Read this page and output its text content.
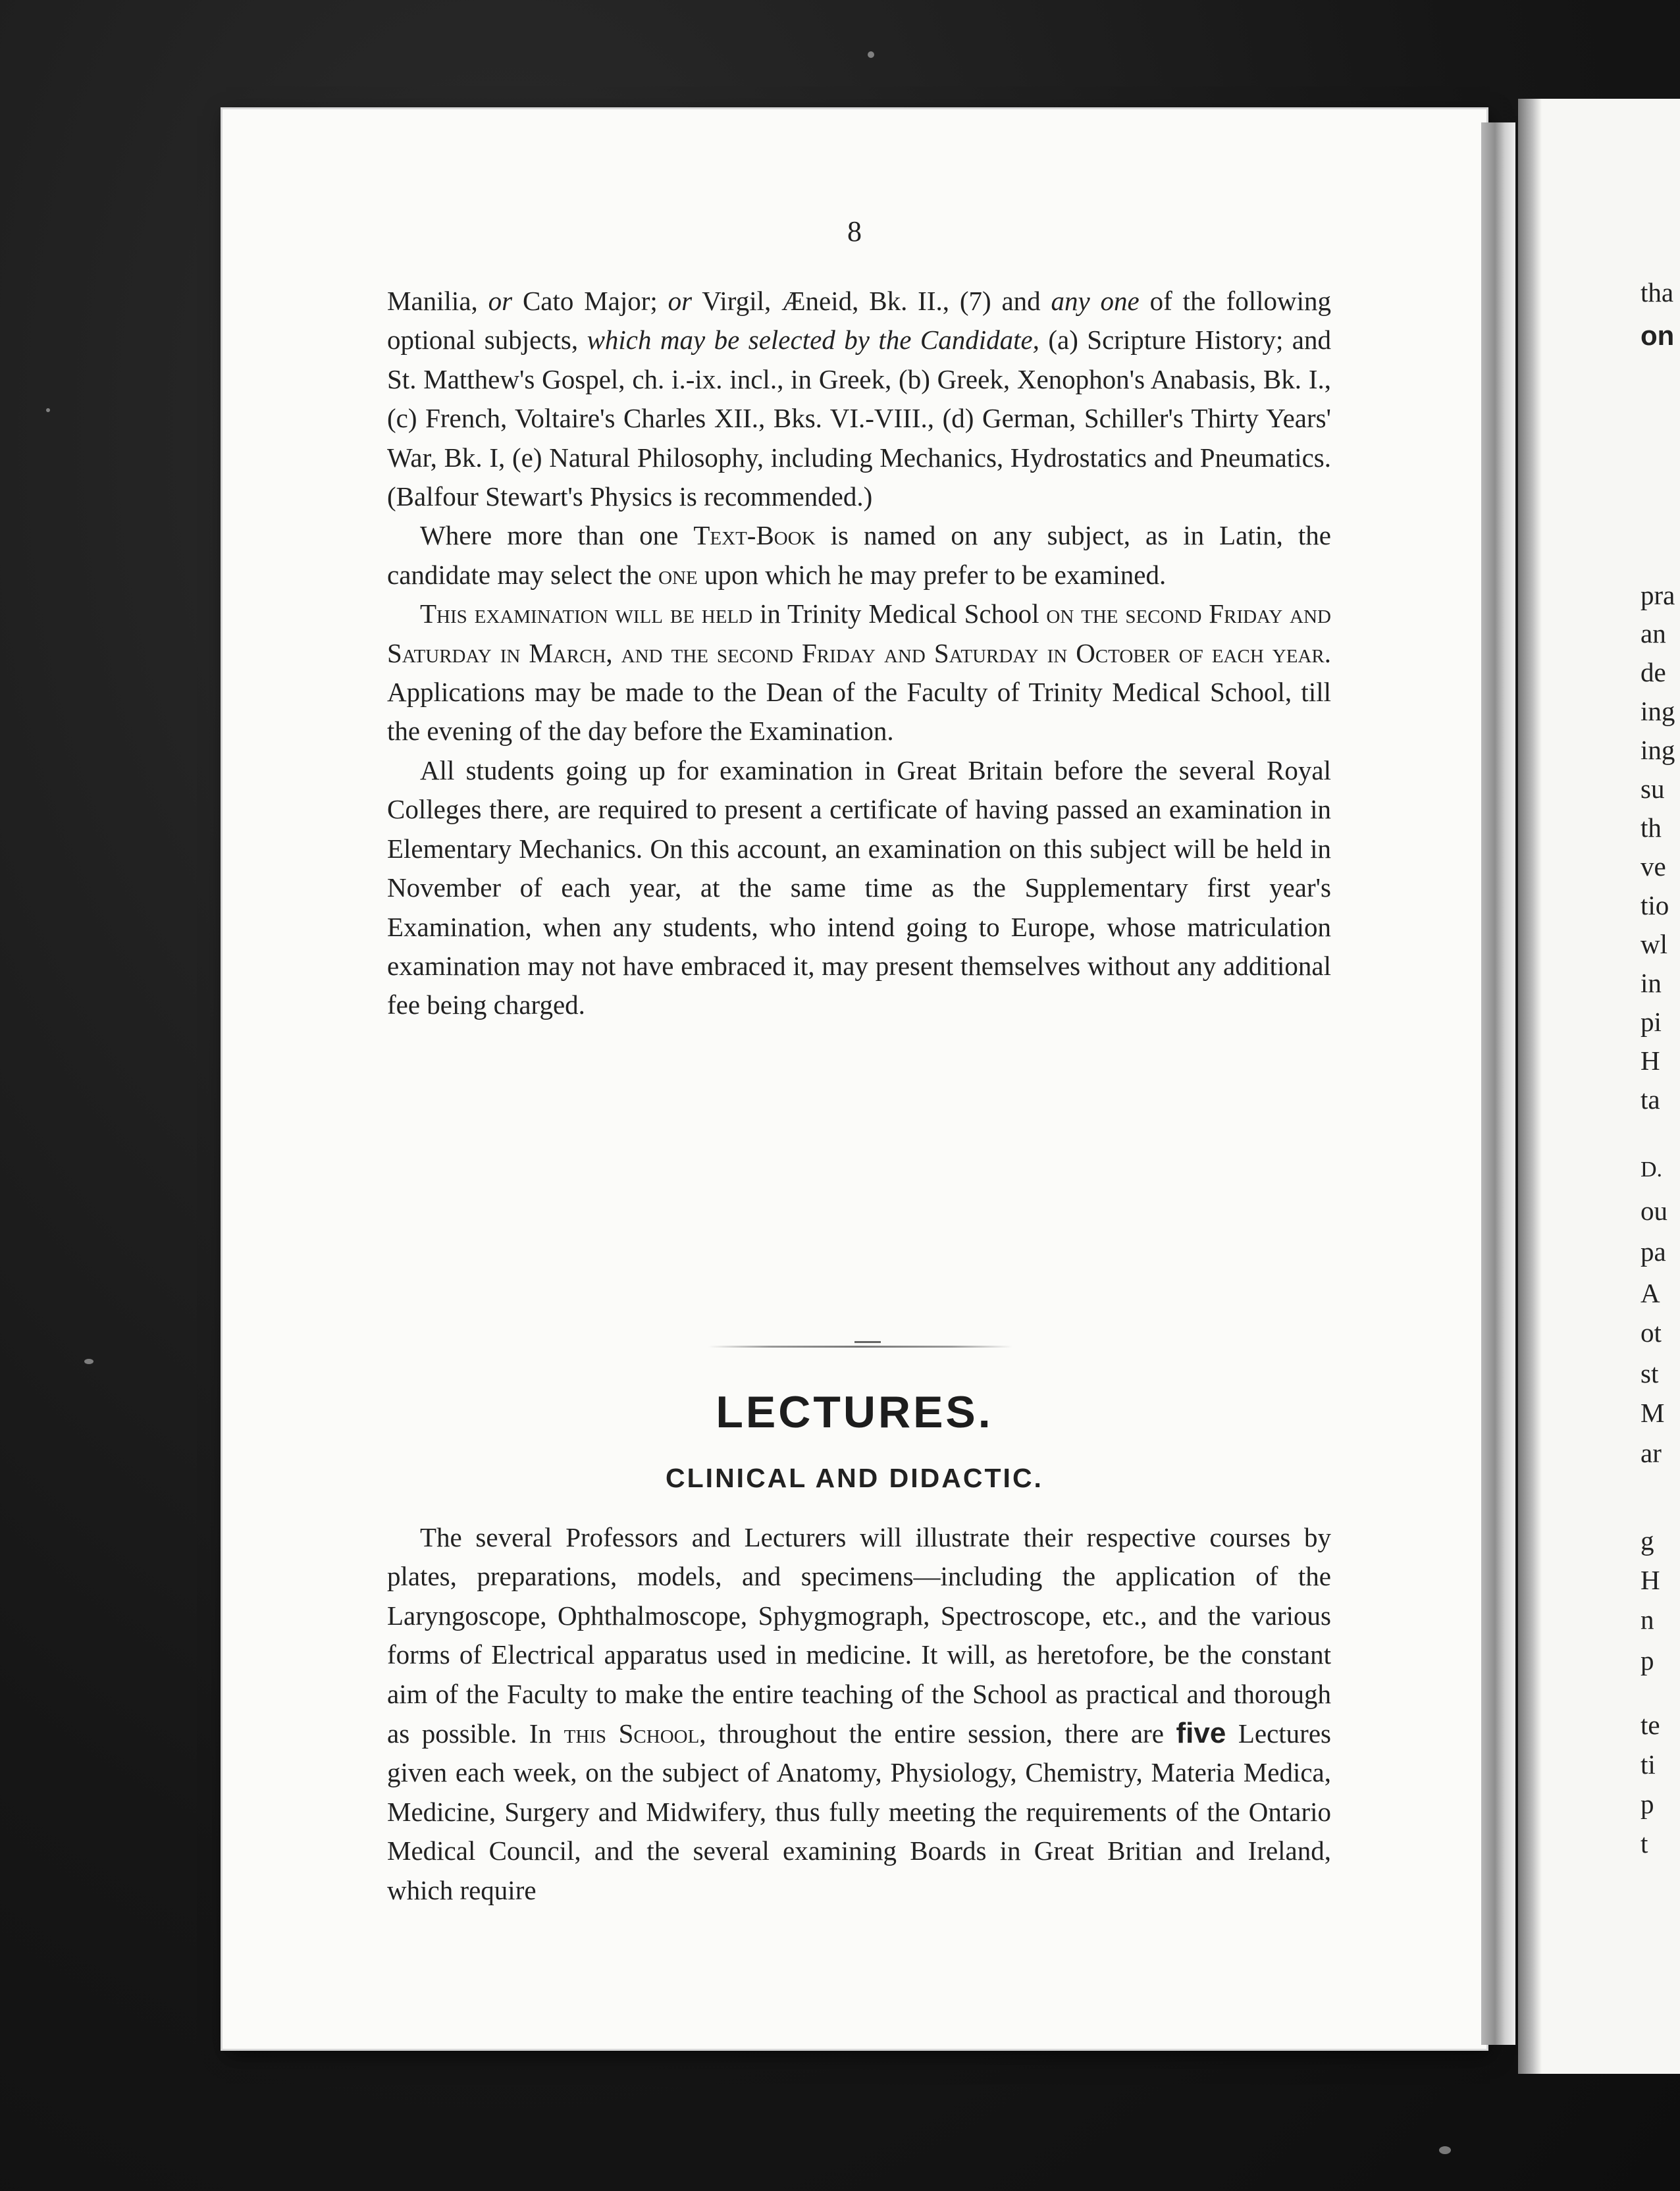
tha
on
pra
an
de
ing
ing
su
th
ve
tio
wl
in
pi
H
ta
D.
ou
pa
A
ot
st
M
ar
g
H
n
p
te
ti
p
t
8

Manilia, or Cato Major; or Virgil, Æneid, Bk. II., (7) and any one of the following optional subjects, which may be selected by the Candidate, (a) Scripture History; and St. Matthew's Gospel, ch. i.-ix. incl., in Greek, (b) Greek, Xenophon's Anabasis, Bk. I., (c) French, Voltaire's Charles XII., Bks. VI.-VIII., (d) German, Schiller's Thirty Years' War, Bk. I, (e) Natural Philosophy, including Mechanics, Hydrostatics and Pneumatics. (Balfour Stewart's Physics is recommended.)

Where more than one Text-Book is named on any subject, as in Latin, the candidate may select the one upon which he may prefer to be examined.

This examination will be held in Trinity Medical School on the second Friday and Saturday in March, and the second Friday and Saturday in October of each year. Applications may be made to the Dean of the Faculty of Trinity Medical School, till the evening of the day before the Examination.

All students going up for examination in Great Britain before the several Royal Colleges there, are required to present a certificate of having passed an examination in Elementary Mechanics. On this account, an examination on this subject will be held in November of each year, at the same time as the Supplementary first year's Examination, when any students, who intend going to Europe, whose matriculation examination may not have embraced it, may present themselves without any additional fee being charged.

LECTURES.
CLINICAL AND DIDACTIC.

The several Professors and Lecturers will illustrate their respective courses by plates, preparations, models, and specimens—including the application of the Laryngoscope, Ophthalmoscope, Sphygmograph, Spectroscope, etc., and the various forms of Electrical apparatus used in medicine. It will, as heretofore, be the constant aim of the Faculty to make the entire teaching of the School as practical and thorough as possible. In this School, throughout the entire session, there are five Lectures given each week, on the subject of Anatomy, Physiology, Chemistry, Materia Medica, Medicine, Surgery and Midwifery, thus fully meeting the requirements of the Ontario Medical Council, and the several examining Boards in Great Britian and Ireland, which require
